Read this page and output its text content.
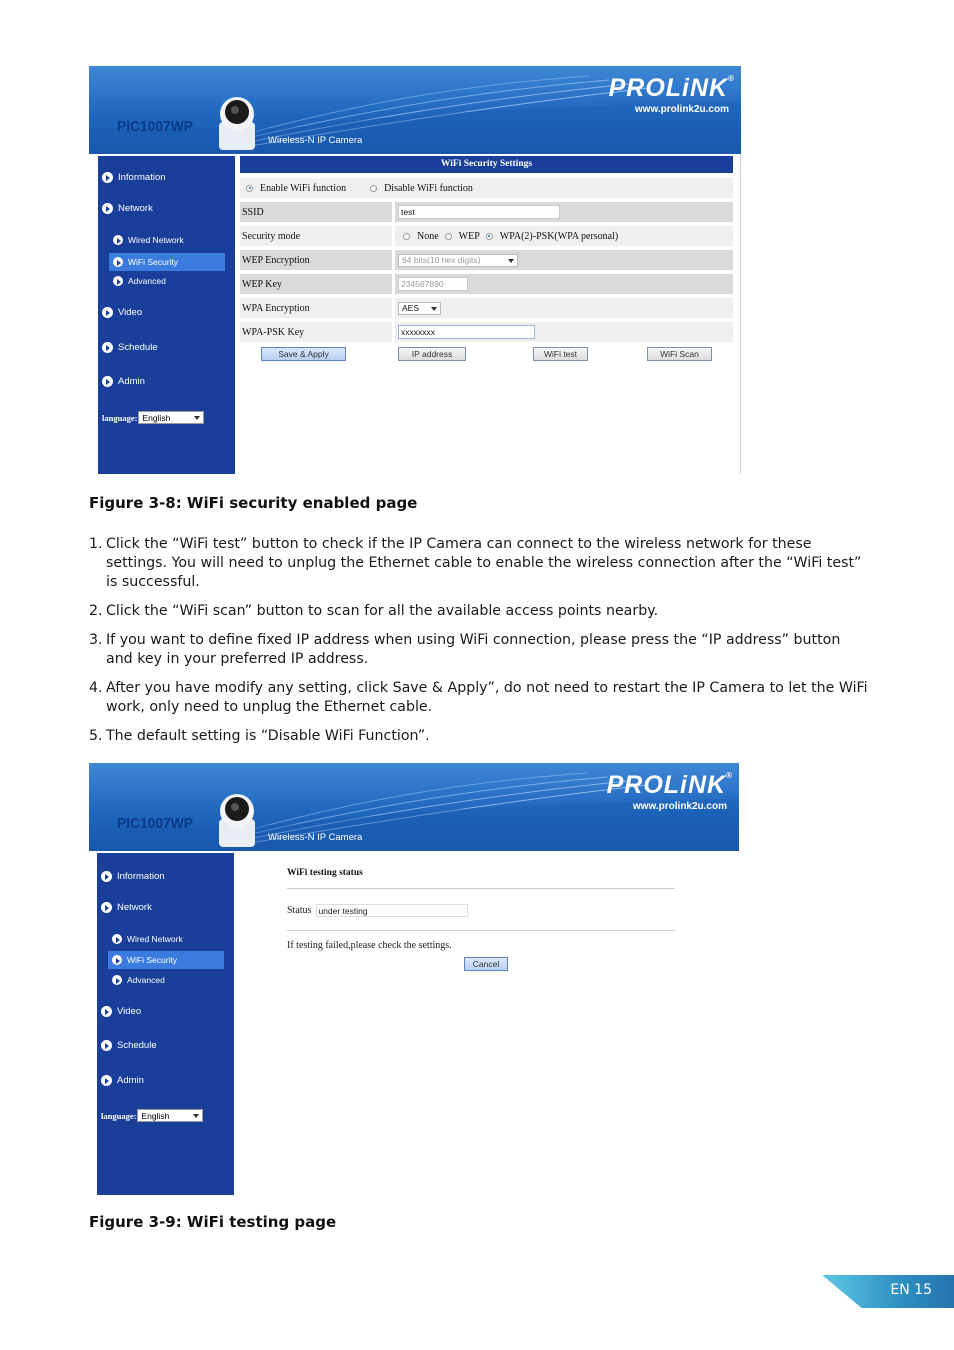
PIC1007WP
Wireless-N IP Camera
PROLiNK®
www.prolink2u.com
Information
Network
Wired Network
WiFi Security
Advanced
Video
Schedule
Admin
language: English
WiFi Security Settings
Enable WiFi function	Disable WiFi function
SSID	test
Security mode	None WEP WPA(2)-PSK(WPA personal)
WEP Encryption	64 bits(10 hex digits)
WEP Key	234567890
WPA Encryption	AES
WPA-PSK Key	xxxxxxxx
Save & Apply	IP address	WiFi test	WiFi Scan
Figure 3-8: WiFi security enabled page
1. Click the “WiFi test” button to check if the IP Camera can connect to the wireless network for these settings. You will need to unplug the Ethernet cable to enable the wireless connection after the “WiFi test” is successful.
2. Click the “WiFi scan” button to scan for all the available access points nearby.
3. If you want to define fixed IP address when using WiFi connection, please press the “IP address” button and key in your preferred IP address.
4. After you have modify any setting, click Save & Apply”, do not need to restart the IP Camera to let the WiFi work, only need to unplug the Ethernet cable.
5. The default setting is “Disable WiFi Function”.
PIC1007WP
Wireless-N IP Camera
PROLiNK®
www.prolink2u.com
Information
Network
Wired Network
WiFi Security
Advanced
Video
Schedule
Admin
language: English
WiFi testing status
Status under testing
If testing failed,please check the settings.
Cancel
Figure 3-9: WiFi testing page
EN 15
